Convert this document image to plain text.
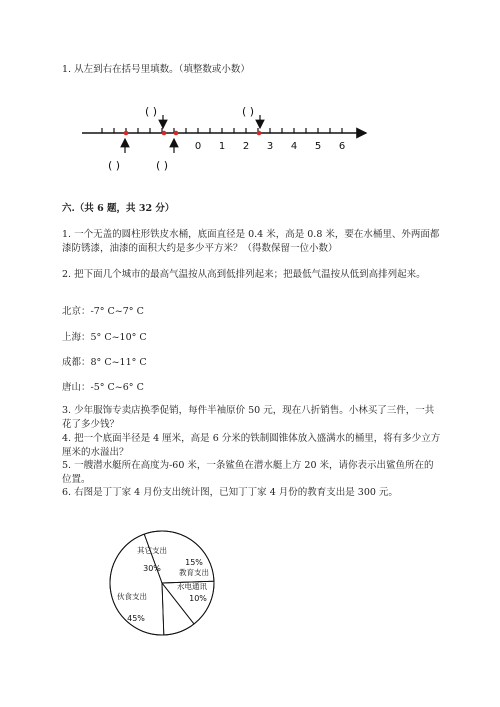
1. 从左到右在括号里填数。（填整数或小数）
0 1 2 3 4 5 6
( )	( )
( )	( )
六.（共 6 题，共 32 分）
1. 一个无盖的圆柱形铁皮水桶，底面直径是 0.4 米，高是 0.8 米，要在水桶里、外两面都漆防锈漆，油漆的面积大约是多少平方米？（得数保留一位小数）
2. 把下面几个城市的最高气温按从高到低排列起来；把最低气温按从低到高排列起来。
北京：-7° C~7° C
上海：5° C~10° C
成都：8° C~11° C
唐山：-5° C~6° C
3. 少年服饰专卖店换季促销，每件半袖原价 50 元，现在八折销售。小林买了三件，一共花了多少钱？
4. 把一个底面半径是 4 厘米，高是 6 分米的铁制圆锥体放入盛满水的桶里，将有多少立方厘米的水溢出？
5. 一艘潜水艇所在高度为-60 米，一条鲨鱼在潜水艇上方 20 米，请你表示出鲨鱼所在的位置。
6. 右图是丁丁家 4 月份支出统计图，已知丁丁家 4 月份的教育支出是 300 元。
其它支出
30% 教育支出
15%
水电通讯
10%
伙食支出
45%
